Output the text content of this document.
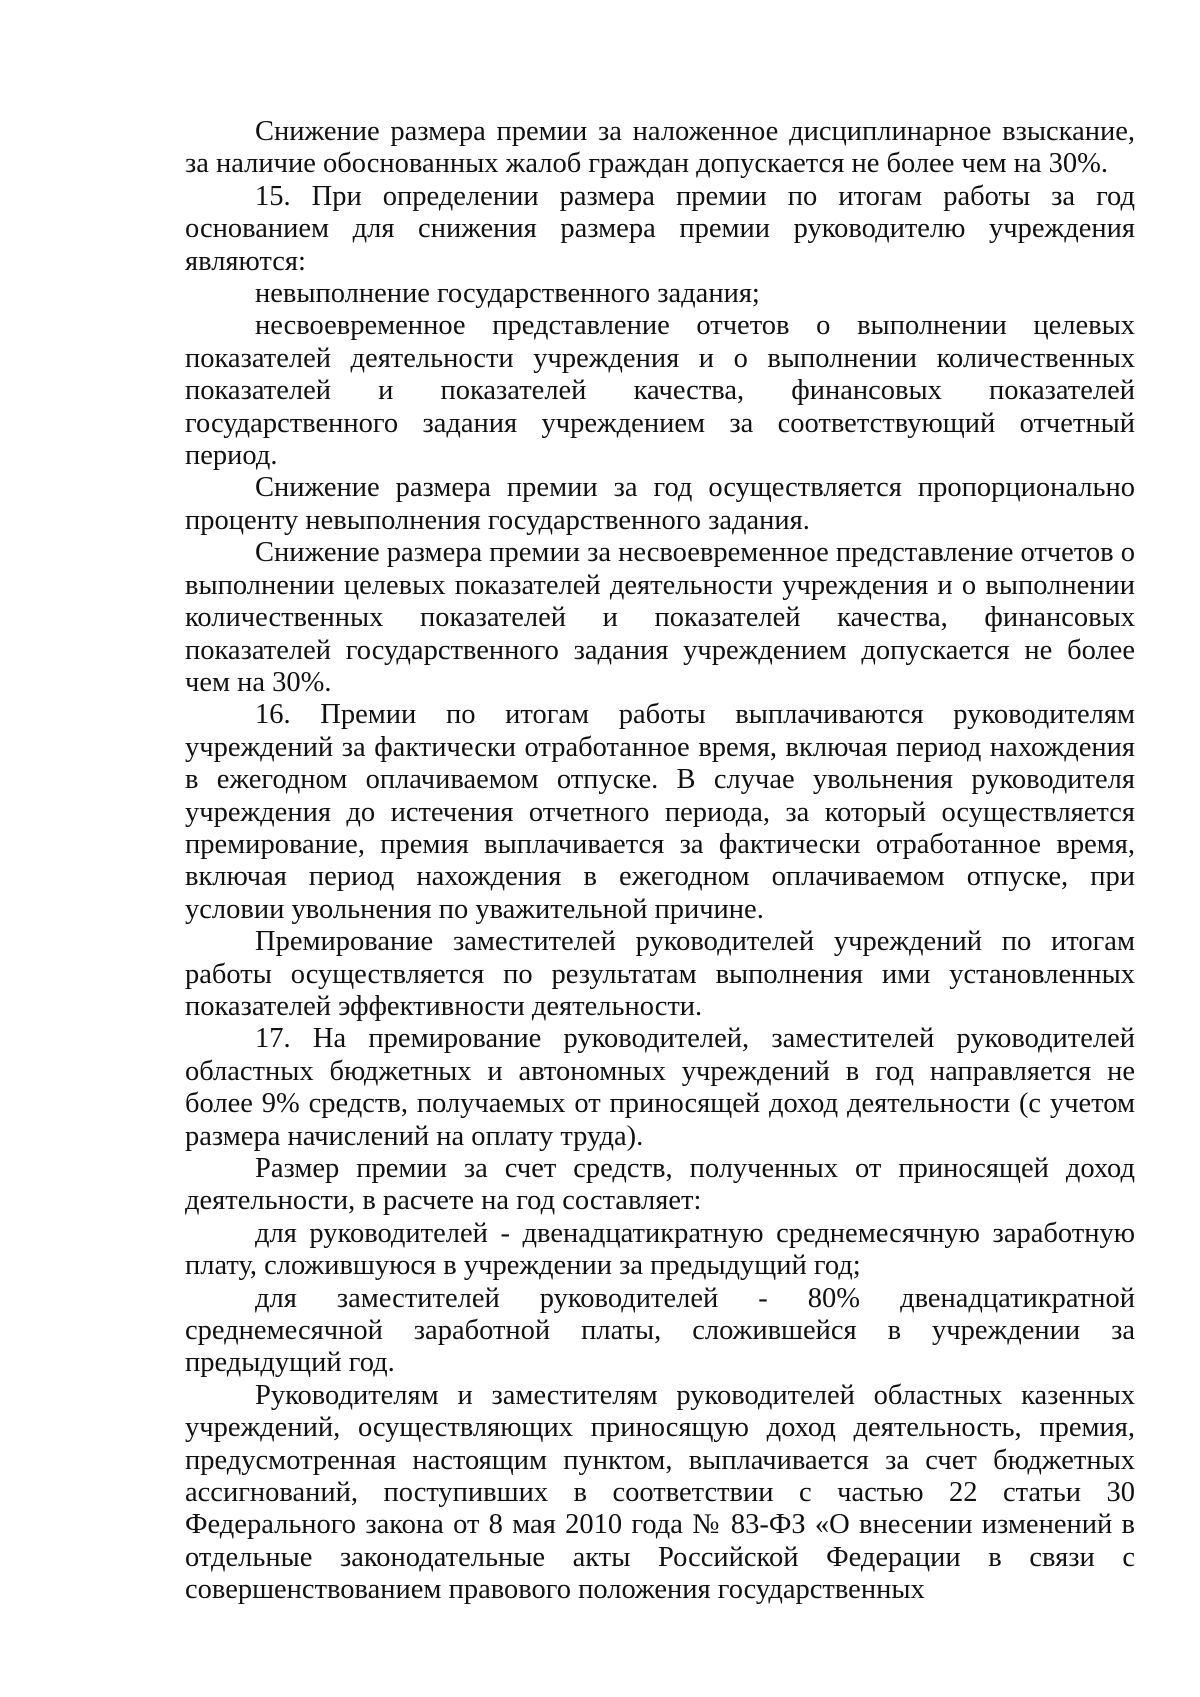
Снижение размера премии за наложенное дисциплинарное взыскание, за наличие обоснованных жалоб граждан допускается не более чем на 30%.

15. При определении размера премии по итогам работы за год основанием для снижения размера премии руководителю учреждения являются:

невыполнение государственного задания;

несвоевременное представление отчетов о выполнении целевых показателей деятельности учреждения и о выполнении количественных показателей и показателей качества, финансовых показателей государственного задания учреждением за соответствующий отчетный период.

Снижение размера премии за год осуществляется пропорционально проценту невыполнения государственного задания.

Снижение размера премии за несвоевременное представление отчетов о выполнении целевых показателей деятельности учреждения и о выполнении количественных показателей и показателей качества, финансовых показателей государственного задания учреждением допускается не более чем на 30%.

16. Премии по итогам работы выплачиваются руководителям учреждений за фактически отработанное время, включая период нахождения в ежегодном оплачиваемом отпуске. В случае увольнения руководителя учреждения до истечения отчетного периода, за который осуществляется премирование, премия выплачивается за фактически отработанное время, включая период нахождения в ежегодном оплачиваемом отпуске, при условии увольнения по уважительной причине.

Премирование заместителей руководителей учреждений по итогам работы осуществляется по результатам выполнения ими установленных показателей эффективности деятельности.

17. На премирование руководителей, заместителей руководителей областных бюджетных и автономных учреждений в год направляется не более 9% средств, получаемых от приносящей доход деятельности (с учетом размера начислений на оплату труда).

Размер премии за счет средств, полученных от приносящей доход деятельности, в расчете на год составляет:

для руководителей - двенадцатикратную среднемесячную заработную плату, сложившуюся в учреждении за предыдущий год;

для заместителей руководителей - 80% двенадцатикратной среднемесячной заработной платы, сложившейся в учреждении за предыдущий год.

Руководителям и заместителям руководителей областных казенных учреждений, осуществляющих приносящую доход деятельность, премия, предусмотренная настоящим пунктом, выплачивается за счет бюджетных ассигнований, поступивших в соответствии с частью 22 статьи 30 Федерального закона от 8 мая 2010 года № 83-ФЗ «О внесении изменений в отдельные законодательные акты Российской Федерации в связи с совершенствованием правового положения государственных
